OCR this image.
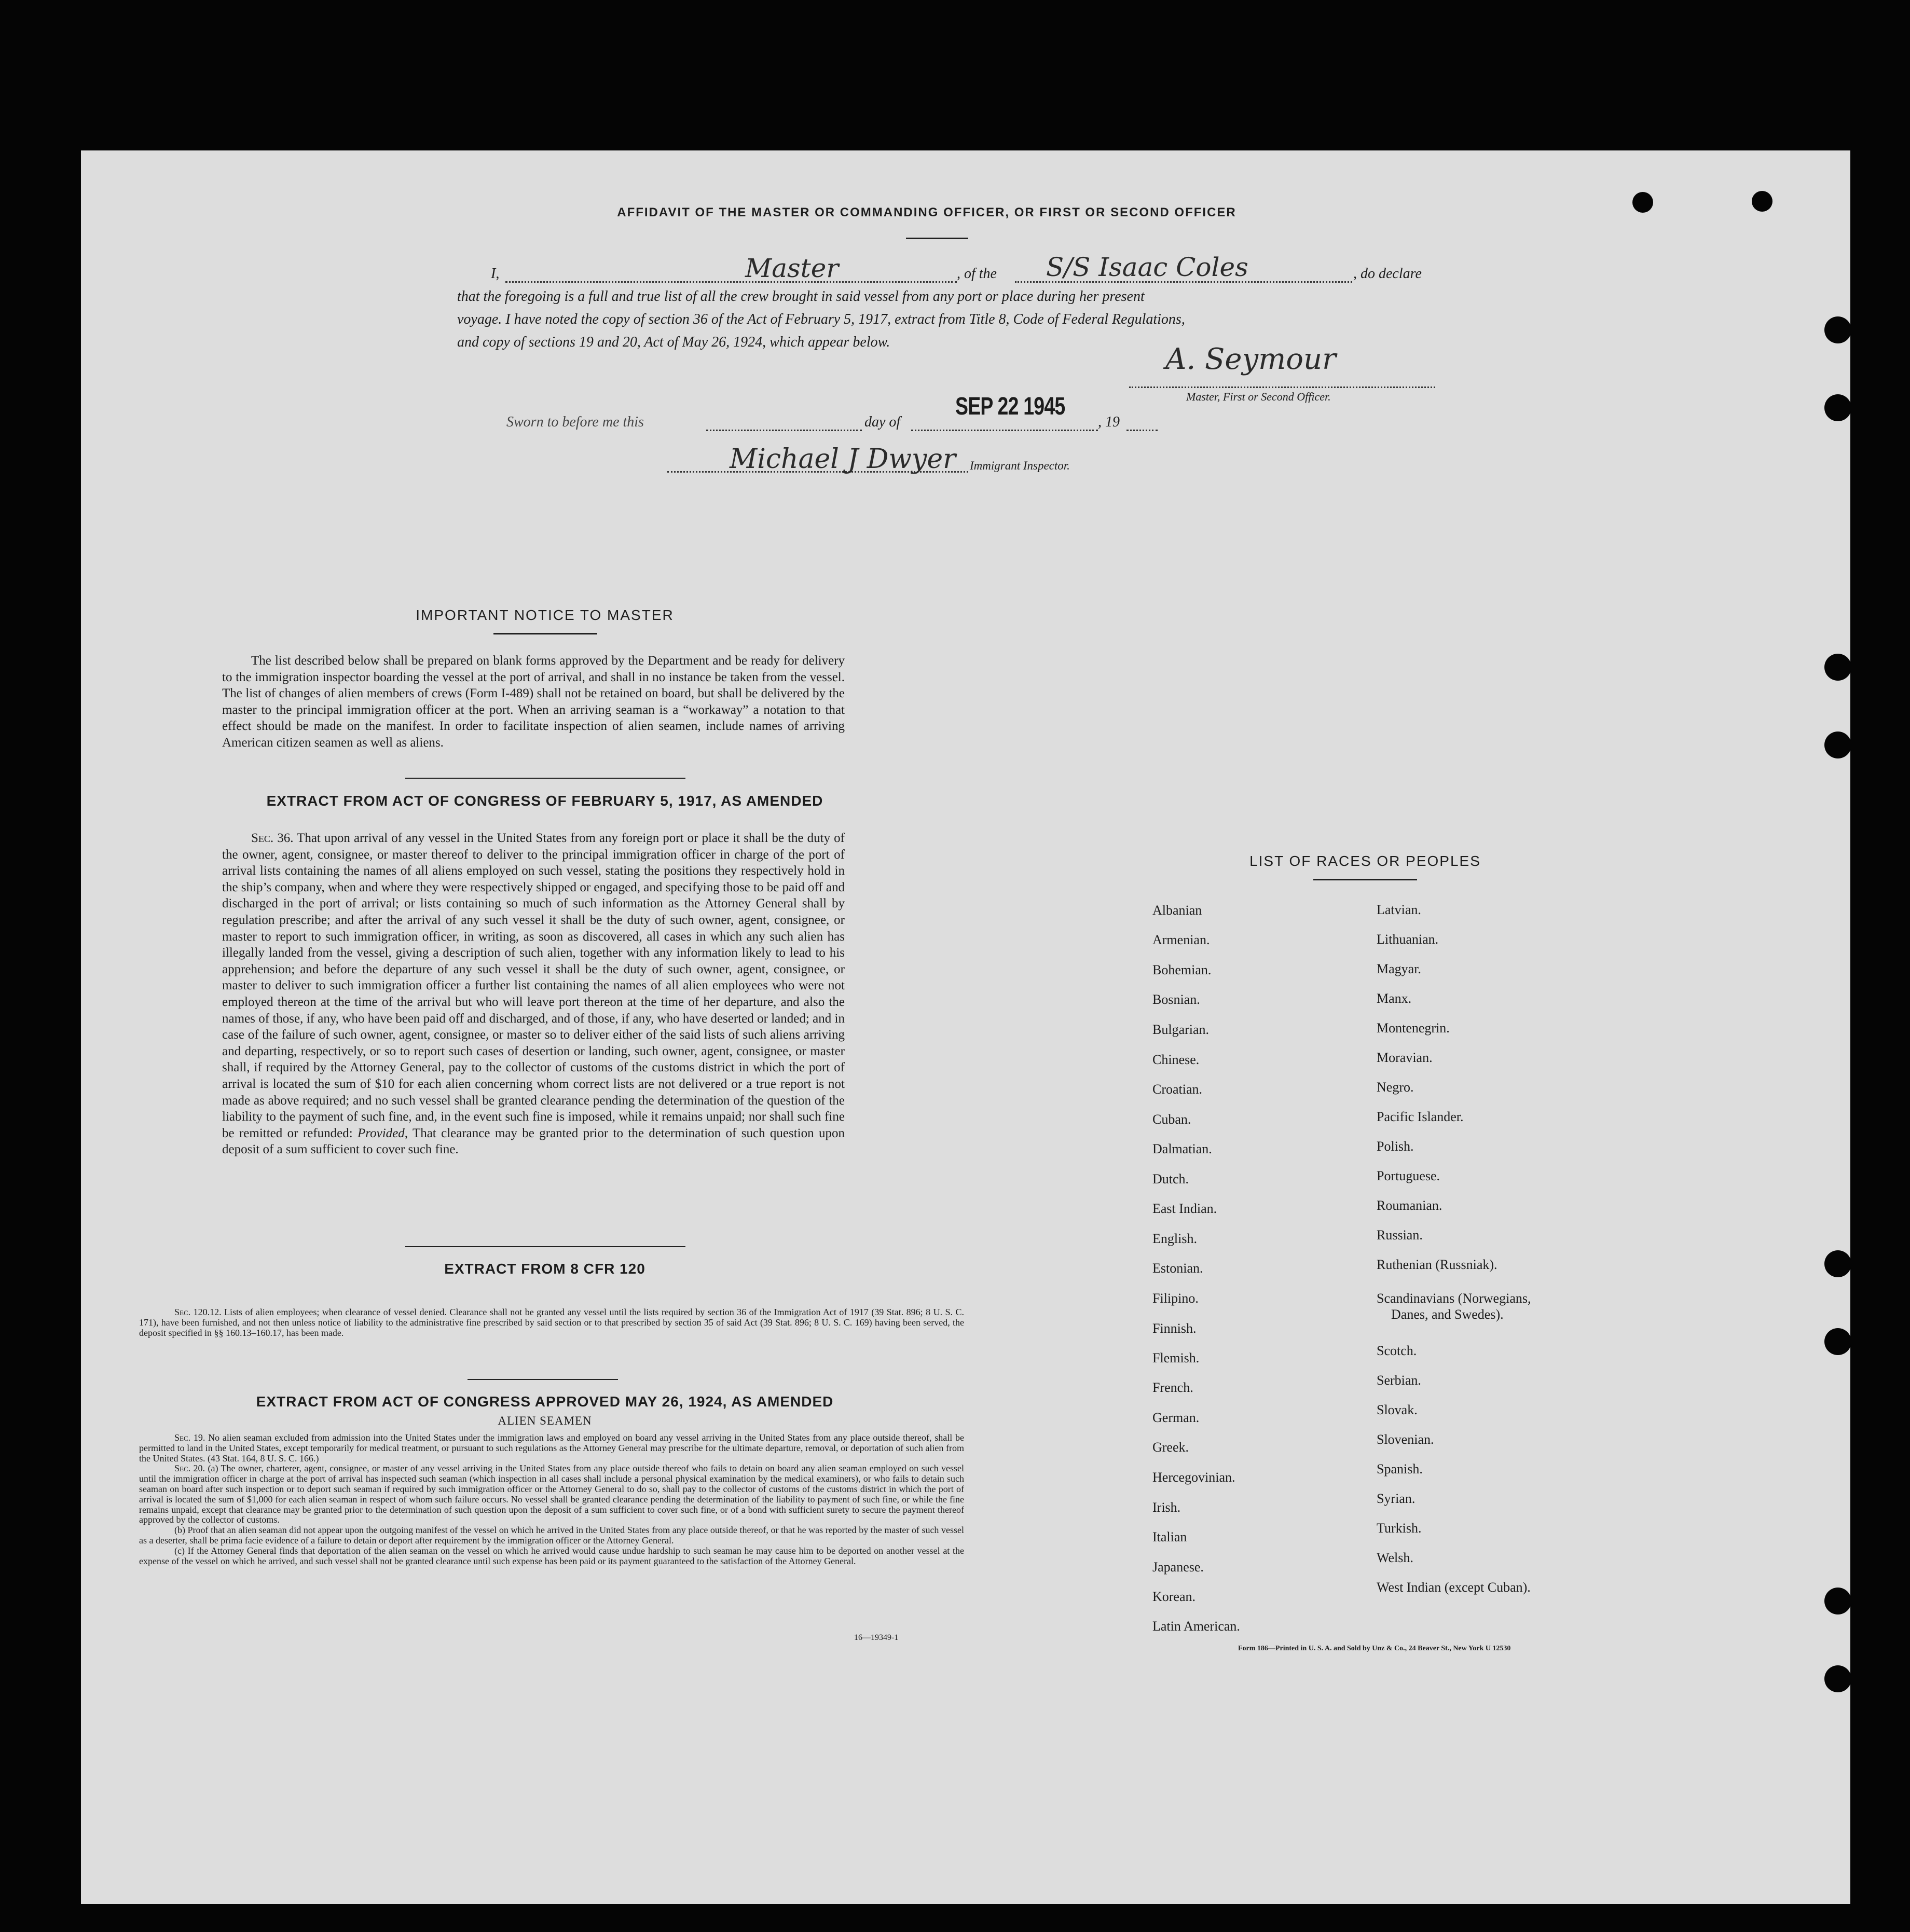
AFFIDAVIT OF THE MASTER OR COMMANDING OFFICER, OR FIRST OR SECOND OFFICER
I,	Master	, of the S/S Isaac Coles	, do declare
that the foregoing is a full and true list of all the crew brought in said vessel from any port or place during her present
voyage. I have noted the copy of section 36 of the Act of February 5, 1917, extract from Title 8, Code of Federal Regulations,
and copy of sections 19 and 20, Act of May 26, 1924, which appear below.
A. Seymour
Master, First or Second Officer.
Sworn to before me this	day of
SEP 22 1945
, 19
Michael J Dwyer Immigrant Inspector.
IMPORTANT NOTICE TO MASTER

The list described below shall be prepared on blank forms approved by the Department and be ready for delivery to the immigration inspector boarding the vessel at the port of arrival, and shall in no instance be taken from the vessel. The list of changes of alien members of crews (Form I-489) shall not be retained on board, but shall be delivered by the master to the principal immigration officer at the port. When an arriving seaman is a “workaway” a notation to that effect should be made on the manifest. In order to facilitate inspection of alien seamen, include names of arriving American citizen seamen as well as aliens.

EXTRACT FROM ACT OF CONGRESS OF FEBRUARY 5, 1917, AS AMENDED

Sec. 36. That upon arrival of any vessel in the United States from any foreign port or place it shall be the duty of the owner, agent, consignee, or master thereof to deliver to the principal immigration officer in charge of the port of arrival lists containing the names of all aliens employed on such vessel, stating the positions they respectively hold in the ship’s company, when and where they were respectively shipped or engaged, and specifying those to be paid off and discharged in the port of arrival; or lists containing so much of such information as the Attorney General shall by regulation prescribe; and after the arrival of any such vessel it shall be the duty of such owner, agent, consignee, or master to report to such immigration officer, in writing, as soon as discovered, all cases in which any such alien has illegally landed from the vessel, giving a description of such alien, together with any information likely to lead to his apprehension; and before the departure of any such vessel it shall be the duty of such owner, agent, consignee, or master to deliver to such immigration officer a further list containing the names of all alien employees who were not employed thereon at the time of the arrival but who will leave port thereon at the time of her departure, and also the names of those, if any, who have been paid off and discharged, and of those, if any, who have deserted or landed; and in case of the failure of such owner, agent, consignee, or master so to deliver either of the said lists of such aliens arriving and departing, respectively, or so to report such cases of desertion or landing, such owner, agent, consignee, or master shall, if required by the Attorney General, pay to the collector of customs of the customs district in which the port of arrival is located the sum of $10 for each alien concerning whom correct lists are not delivered or a true report is not made as above required; and no such vessel shall be granted clearance pending the determination of the question of the liability to the payment of such fine, and, in the event such fine is imposed, while it remains unpaid; nor shall such fine be remitted or refunded: Provided, That clearance may be granted prior to the determination of such question upon deposit of a sum sufficient to cover such fine.

EXTRACT FROM 8 CFR 120

Sec. 120.12. Lists of alien employees; when clearance of vessel denied. Clearance shall not be granted any vessel until the lists required by section 36 of the Immigration Act of 1917 (39 Stat. 896; 8 U. S. C. 171), have been furnished, and not then unless notice of liability to the administrative fine prescribed by said section or to that prescribed by section 35 of said Act (39 Stat. 896; 8 U. S. C. 169) having been served, the deposit specified in §§ 160.13–160.17, has been made.

EXTRACT FROM ACT OF CONGRESS APPROVED MAY 26, 1924, AS AMENDED
ALIEN SEAMEN

Sec. 19. No alien seaman excluded from admission into the United States under the immigration laws and employed on board any vessel arriving in the United States from any place outside thereof, shall be permitted to land in the United States, except temporarily for medical treatment, or pursuant to such regulations as the Attorney General may prescribe for the ultimate departure, removal, or deportation of such alien from the United States. (43 Stat. 164, 8 U. S. C. 166.)

Sec. 20. (a) The owner, charterer, agent, consignee, or master of any vessel arriving in the United States from any place outside thereof who fails to detain on board any alien seaman employed on such vessel until the immigration officer in charge at the port of arrival has inspected such seaman (which inspection in all cases shall include a personal physical examination by the medical examiners), or who fails to detain such seaman on board after such inspection or to deport such seaman if required by such immigration officer or the Attorney General to do so, shall pay to the collector of customs of the customs district in which the port of arrival is located the sum of $1,000 for each alien seaman in respect of whom such failure occurs. No vessel shall be granted clearance pending the determination of the liability to payment of such fine, or while the fine remains unpaid, except that clearance may be granted prior to the determination of such question upon the deposit of a sum sufficient to cover such fine, or of a bond with sufficient surety to secure the payment thereof approved by the collector of customs.

(b) Proof that an alien seaman did not appear upon the outgoing manifest of the vessel on which he arrived in the United States from any place outside thereof, or that he was reported by the master of such vessel as a deserter, shall be prima facie evidence of a failure to detain or deport after requirement by the immigration officer or the Attorney General.

(c) If the Attorney General finds that deportation of the alien seaman on the vessel on which he arrived would cause undue hardship to such seaman he may cause him to be deported on another vessel at the expense of the vessel on which he arrived, and such vessel shall not be granted clearance until such expense has been paid or its payment guaranteed to the satisfaction of the Attorney General.

16—19349-1
LIST OF RACES OR PEOPLES
Albanian
Armenian.
Bohemian.
Bosnian.
Bulgarian.
Chinese.
Croatian.
Cuban.
Dalmatian.
Dutch.
East Indian.
English.
Estonian.
Filipino.
Finnish.
Flemish.
French.
German.
Greek.
Hercegovinian.
Irish.
Italian
Japanese.
Korean.
Latin American.
Latvian.
Lithuanian.
Magyar.
Manx.
Montenegrin.
Moravian.
Negro.
Pacific Islander.
Polish.
Portuguese.
Roumanian.
Russian.
Ruthenian (Russniak).
Scandinavians (Norwegians,
Danes, and Swedes).
Scotch.
Serbian.
Slovak.
Slovenian.
Spanish.
Syrian.
Turkish.
Welsh.
West Indian (except Cuban).
Form 186—Printed in U. S. A. and Sold by Unz & Co., 24 Beaver St., New York U 12530
